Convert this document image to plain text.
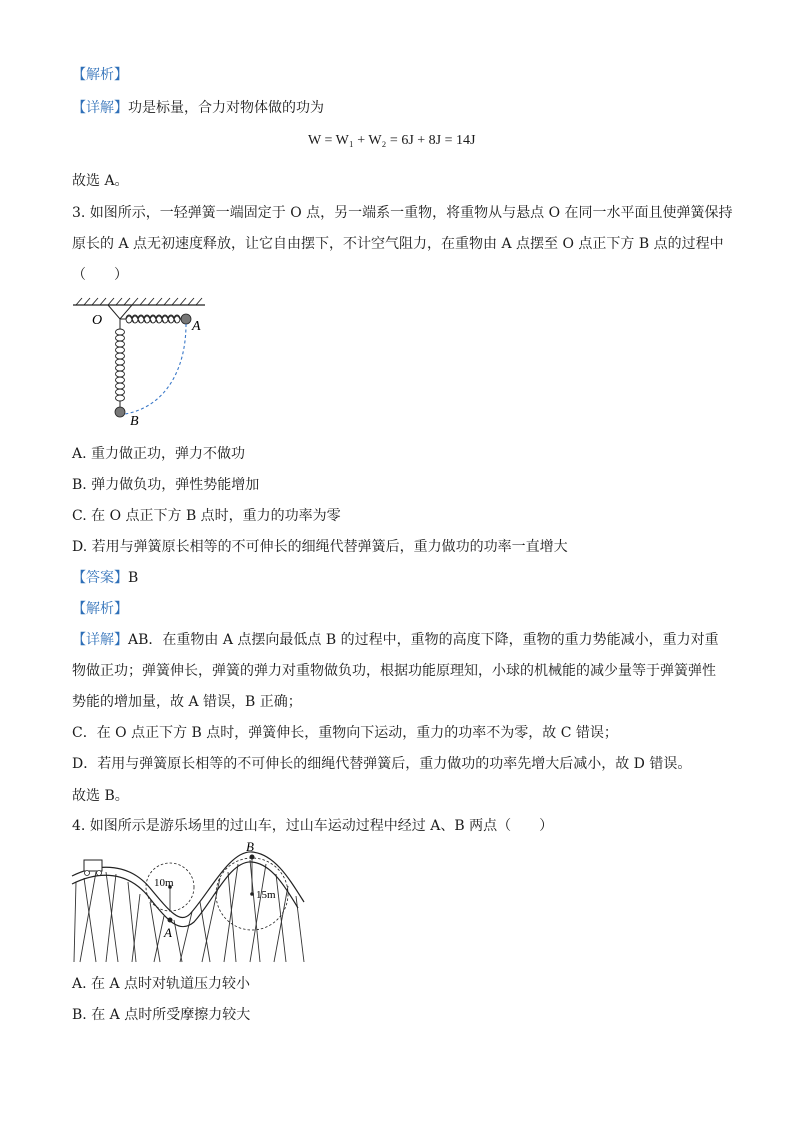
【解析】
【详解】功是标量，合力对物体做的功为
W = W₁ + W₂ = 6J + 8J = 14J
故选 A。
3. 如图所示，一轻弹簧一端固定于 O 点，另一端系一重物，将重物从与悬点 O 在同一水平面且使弹簧保持
原长的 A 点无初速度释放，让它自由摆下，不计空气阻力，在重物由 A 点摆至 O 点正下方 B 点的过程中
（　　）
O	A
B
A. 重力做正功，弹力不做功
B. 弹力做负功，弹性势能增加
C. 在 O 点正下方 B 点时，重力的功率为零
D. 若用与弹簧原长相等的不可伸长的细绳代替弹簧后，重力做功的功率一直增大
【答案】B
【解析】
【详解】AB．在重物由 A 点摆向最低点 B 的过程中，重物的高度下降，重物的重力势能减小，重力对重
物做正功；弹簧伸长，弹簧的弹力对重物做负功，根据功能原理知，小球的机械能的减少量等于弹簧弹性
势能的增加量，故 A 错误，B 正确；
C．在 O 点正下方 B 点时，弹簧伸长，重物向下运动，重力的功率不为零，故 C 错误；
D．若用与弹簧原长相等的不可伸长的细绳代替弹簧后，重力做功的功率先增大后减小，故 D 错误。
故选 B。
4. 如图所示是游乐场里的过山车，过山车运动过程中经过 A、B 两点（　　）
10m
A
15m
B
A. 在 A 点时对轨道压力较小
B. 在 A 点时所受摩擦力较大
